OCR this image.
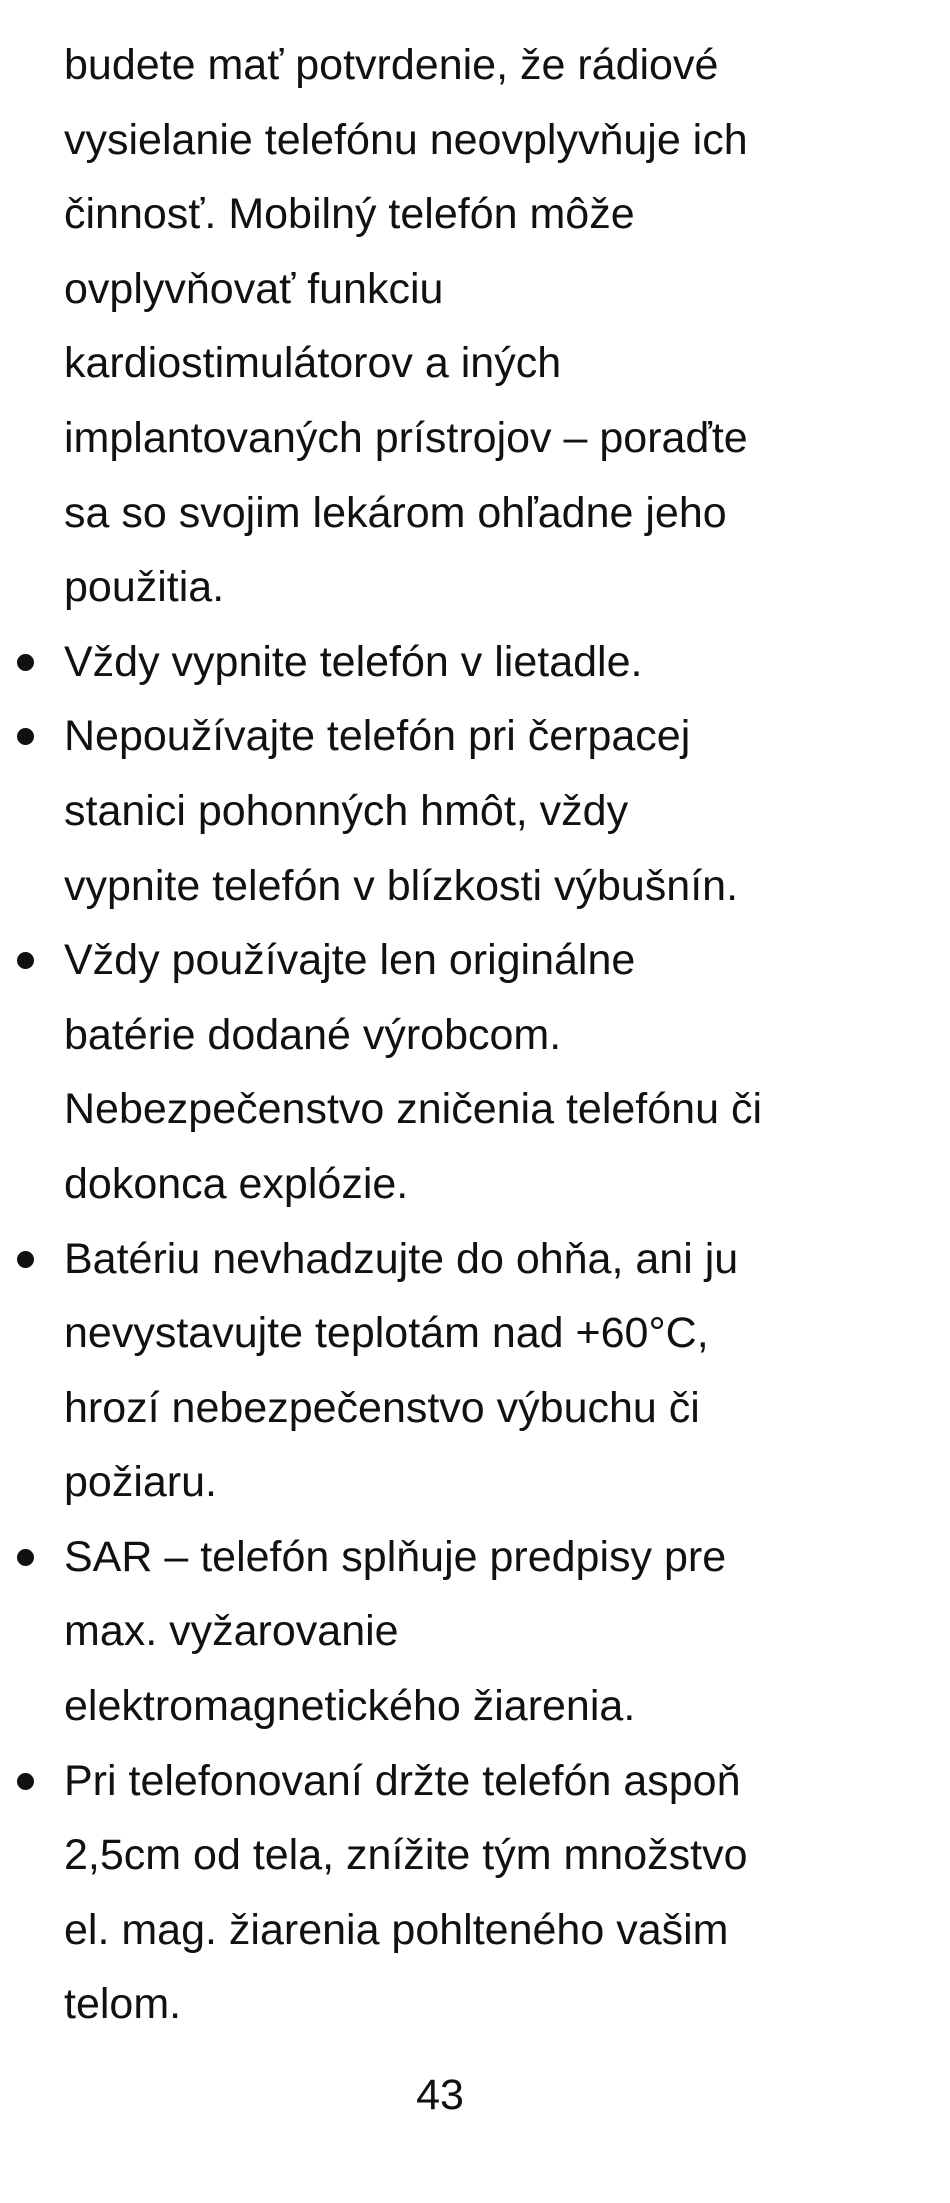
budete mať potvrdenie, že rádiové
vysielanie telefónu neovplyvňuje ich
činnosť. Mobilný telefón môže
ovplyvňovať funkciu
kardiostimulátorov a iných
implantovaných prístrojov – poraďte
sa so svojim lekárom ohľadne jeho
použitia.
Vždy vypnite telefón v lietadle.
Nepoužívajte telefón pri čerpacej
stanici pohonných hmôt, vždy
vypnite telefón v blízkosti výbušnín.
Vždy používajte len originálne
batérie dodané výrobcom.
Nebezpečenstvo zničenia telefónu či
dokonca explózie.
Batériu nevhadzujte do ohňa, ani ju
nevystavujte teplotám nad +60°C,
hrozí nebezpečenstvo výbuchu či
požiaru.
SAR – telefón splňuje predpisy pre
max. vyžarovanie
elektromagnetického žiarenia.
Pri telefonovaní držte telefón aspoň
2,5cm od tela, znížite tým množstvo
el. mag. žiarenia pohlteného vašim
telom.
43
